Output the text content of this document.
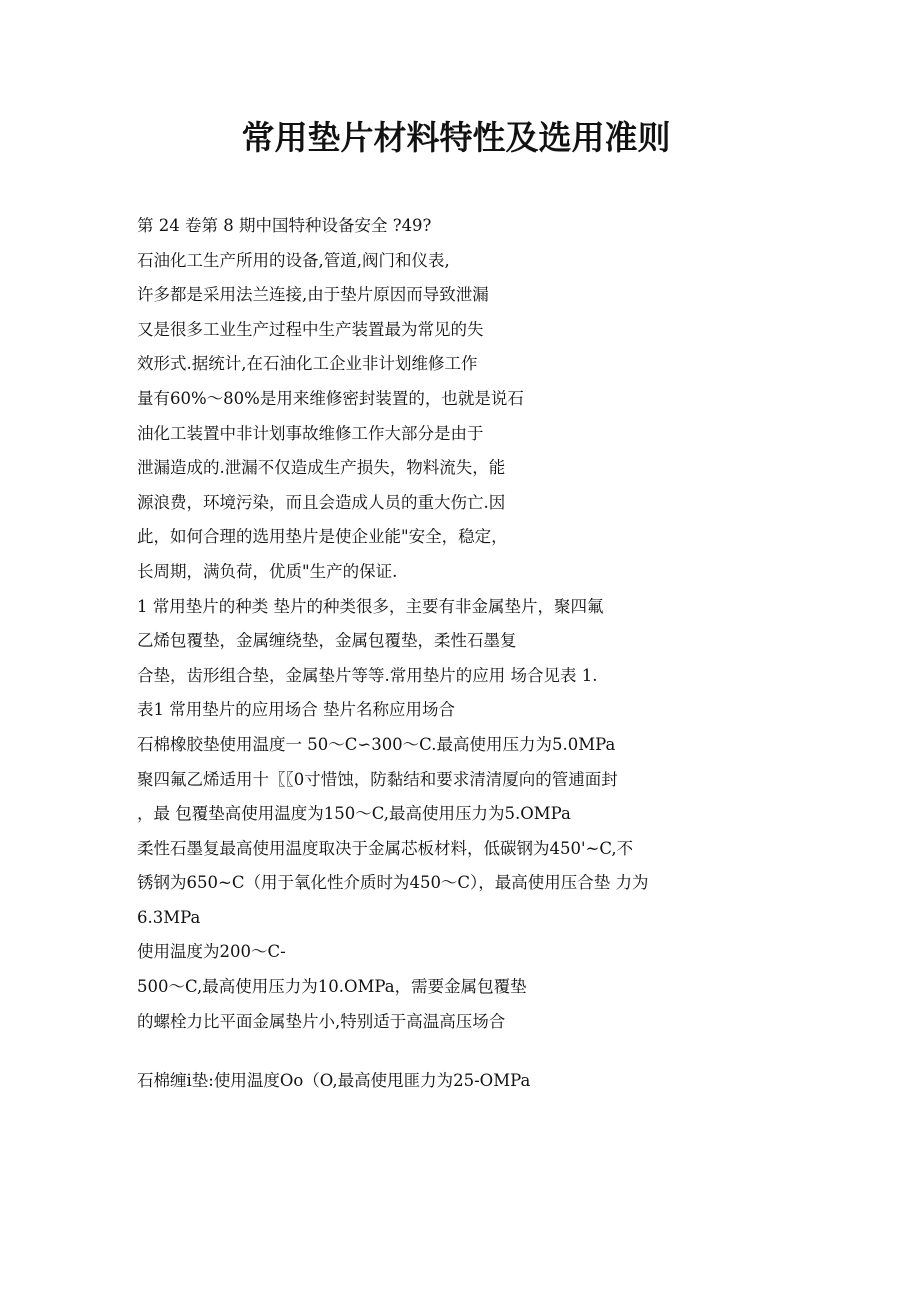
常用垫片材料特性及选用准则
第 24 卷第 8 期中国特种设备安全 ?49?
石油化工生产所用的设备,管道,阀门和仪表,
许多都是采用法兰连接,由于垫片原因而导致泄漏
又是很多工业生产过程中生产装置最为常见的失
效形式.据统计,在石油化工企业非计划维修工作
量有60%〜80%是用来维修密封装置的，也就是说石
油化工装置中非计划事故维修工作大部分是由于
泄漏造成的.泄漏不仅造成生产损失，物料流失，能
源浪费，环境污染，而且会造成人员的重大伤亡.因
此，如何合理的选用垫片是使企业能"安全，稳定，
长周期，满负荷，优质"生产的保证.
1 常用垫片的种类 垫片的种类很多，主要有非金属垫片，聚四氟
乙烯包覆垫，金属缠绕垫，金属包覆垫，柔性石墨复
合垫，齿形组合垫，金属垫片等等.常用垫片的应用 场合见表 1.
表1 常用垫片的应用场合 垫片名称应用场合
石棉橡胶垫使用温度一 50〜C∽300〜C.最高使用压力为5.0MPa
聚四氟乙烯适用十〖〖0寸惜蚀，防黏结和要求清清厦向的管逋面封
，最 包覆垫高使用温度为150〜C,最高使用压力为5.OMPa
柔性石墨复最高使用温度取决于金属芯板材料，低碳钢为450'~C,不
锈钢为650~C（用于氧化性介质时为450〜C），最高使用压合垫 力为
6.3MPa
使用温度为200〜C-
500〜C,最高使用压力为10.OMPa，需要金属包覆垫
的螺栓力比平面金属垫片小,特别适于高温高压场合
石棉缠i垫:使用温度Oo（O,最高使甩匪力为25-OMPa
